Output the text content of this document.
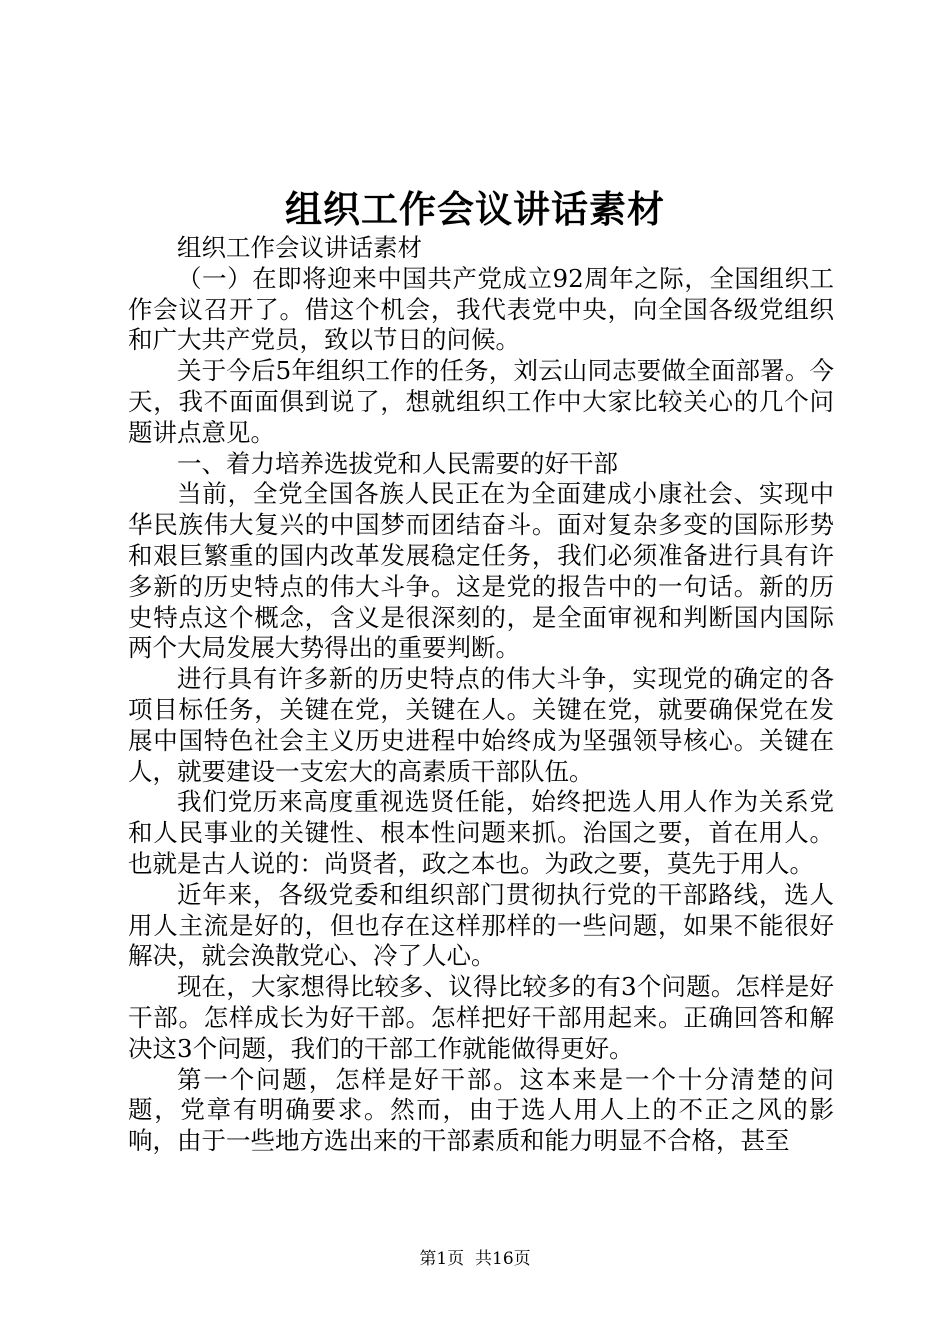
组织工作会议讲话素材

组织工作会议讲话素材

（一）在即将迎来中国共产党成立92周年之际，全国组织工作会议召开了。借这个机会，我代表党中央，向全国各级党组织和广大共产党员，致以节日的问候。

关于今后5年组织工作的任务，刘云山同志要做全面部署。今天，我不面面俱到说了，想就组织工作中大家比较关心的几个问题讲点意见。

一、着力培养选拔党和人民需要的好干部

当前，全党全国各族人民正在为全面建成小康社会、实现中华民族伟大复兴的中国梦而团结奋斗。面对复杂多变的国际形势和艰巨繁重的国内改革发展稳定任务，我们必须准备进行具有许多新的历史特点的伟大斗争。这是党的报告中的一句话。新的历史特点这个概念，含义是很深刻的，是全面审视和判断国内国际两个大局发展大势得出的重要判断。

进行具有许多新的历史特点的伟大斗争，实现党的确定的各项目标任务，关键在党，关键在人。关键在党，就要确保党在发展中国特色社会主义历史进程中始终成为坚强领导核心。关键在人，就要建设一支宏大的高素质干部队伍。

我们党历来高度重视选贤任能，始终把选人用人作为关系党和人民事业的关键性、根本性问题来抓。治国之要，首在用人。也就是古人说的：尚贤者，政之本也。为政之要，莫先于用人。

近年来，各级党委和组织部门贯彻执行党的干部路线，选人用人主流是好的，但也存在这样那样的一些问题，如果不能很好解决，就会涣散党心、冷了人心。

现在，大家想得比较多、议得比较多的有3个问题。怎样是好干部。怎样成长为好干部。怎样把好干部用起来。正确回答和解决这3个问题，我们的干部工作就能做得更好。

第一个问题，怎样是好干部。这本来是一个十分清楚的问题，党章有明确要求。然而，由于选人用人上的不正之风的影响，由于一些地方选出来的干部素质和能力明显不合格，甚至

第1页 共16页
